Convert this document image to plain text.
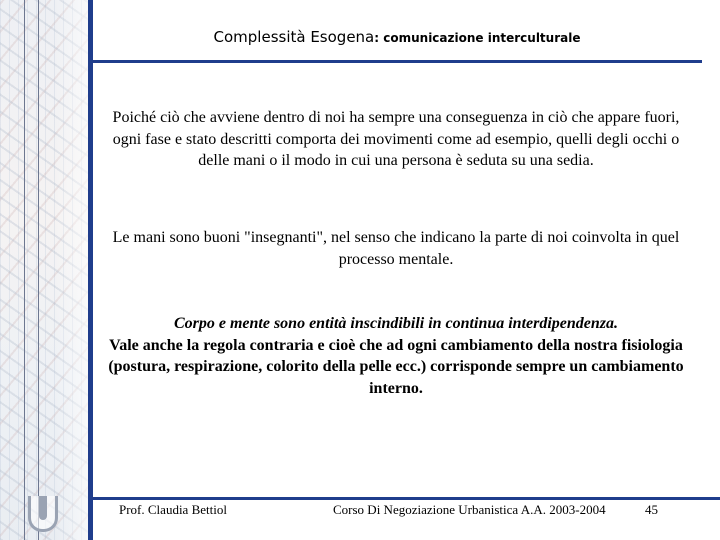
Complessità Esogena: comunicazione interculturale
Poiché ciò che avviene dentro di noi ha sempre una conseguenza in ciò che appare fuori, ogni fase e stato descritti comporta dei movimenti come ad esempio, quelli degli occhi o delle mani o il modo in cui una persona è seduta su una sedia.
Le mani sono buoni "insegnanti", nel senso che indicano la parte di noi coinvolta in quel processo mentale.
Corpo e mente sono entità inscindibili in continua interdipendenza.
Vale anche la regola contraria e cioè che ad ogni cambiamento della nostra fisiologia (postura, respirazione, colorito della pelle ecc.) corrisponde sempre un cambiamento interno.
Prof. Claudia Bettiol	Corso Di Negoziazione Urbanistica A.A. 2003-2004	45
